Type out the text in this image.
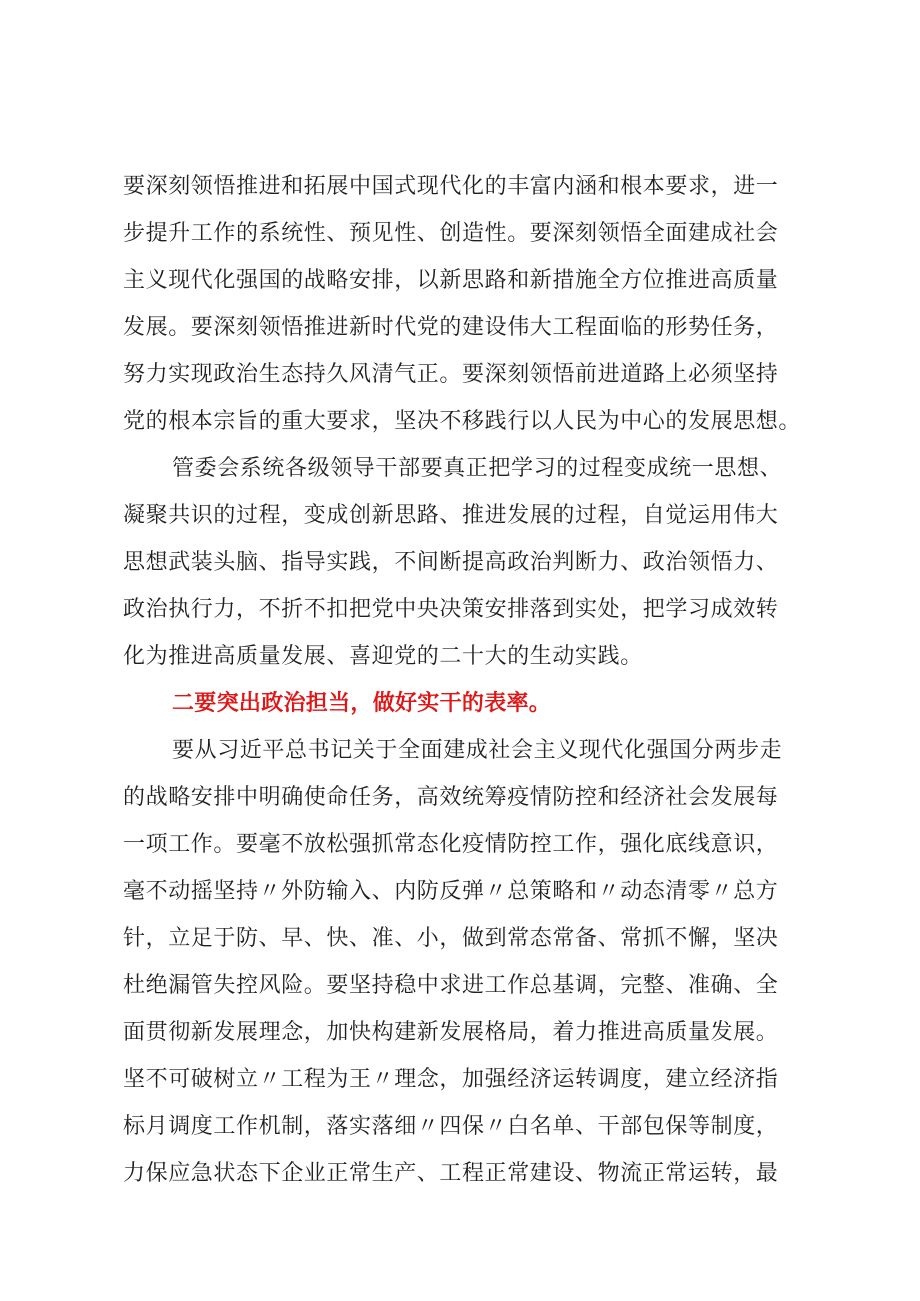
要深刻领悟推进和拓展中国式现代化的丰富内涵和根本要求，进一
步提升工作的系统性、预见性、创造性。要深刻领悟全面建成社会
主义现代化强国的战略安排，以新思路和新措施全方位推进高质量
发展。要深刻领悟推进新时代党的建设伟大工程面临的形势任务，
努力实现政治生态持久风清气正。要深刻领悟前进道路上必须坚持
党的根本宗旨的重大要求，坚决不移践行以人民为中心的发展思想。
管委会系统各级领导干部要真正把学习的过程变成统一思想、
凝聚共识的过程，变成创新思路、推进发展的过程，自觉运用伟大
思想武装头脑、指导实践，不间断提高政治判断力、政治领悟力、
政治执行力，不折不扣把党中央决策安排落到实处，把学习成效转
化为推进高质量发展、喜迎党的二十大的生动实践。
二要突出政治担当，做好实干的表率。
要从习近平总书记关于全面建成社会主义现代化强国分两步走
的战略安排中明确使命任务，高效统筹疫情防控和经济社会发展每
一项工作。要毫不放松强抓常态化疫情防控工作，强化底线意识，
毫不动摇坚持〃外防输入、内防反弹〃总策略和〃动态清零〃总方
针，立足于防、早、快、准、小，做到常态常备、常抓不懈，坚决
杜绝漏管失控风险。要坚持稳中求进工作总基调，完整、准确、全
面贯彻新发展理念，加快构建新发展格局，着力推进高质量发展。
坚不可破树立〃工程为王〃理念，加强经济运转调度，建立经济指
标月调度工作机制，落实落细〃四保〃白名单、干部包保等制度，
力保应急状态下企业正常生产、工程正常建设、物流正常运转，最
